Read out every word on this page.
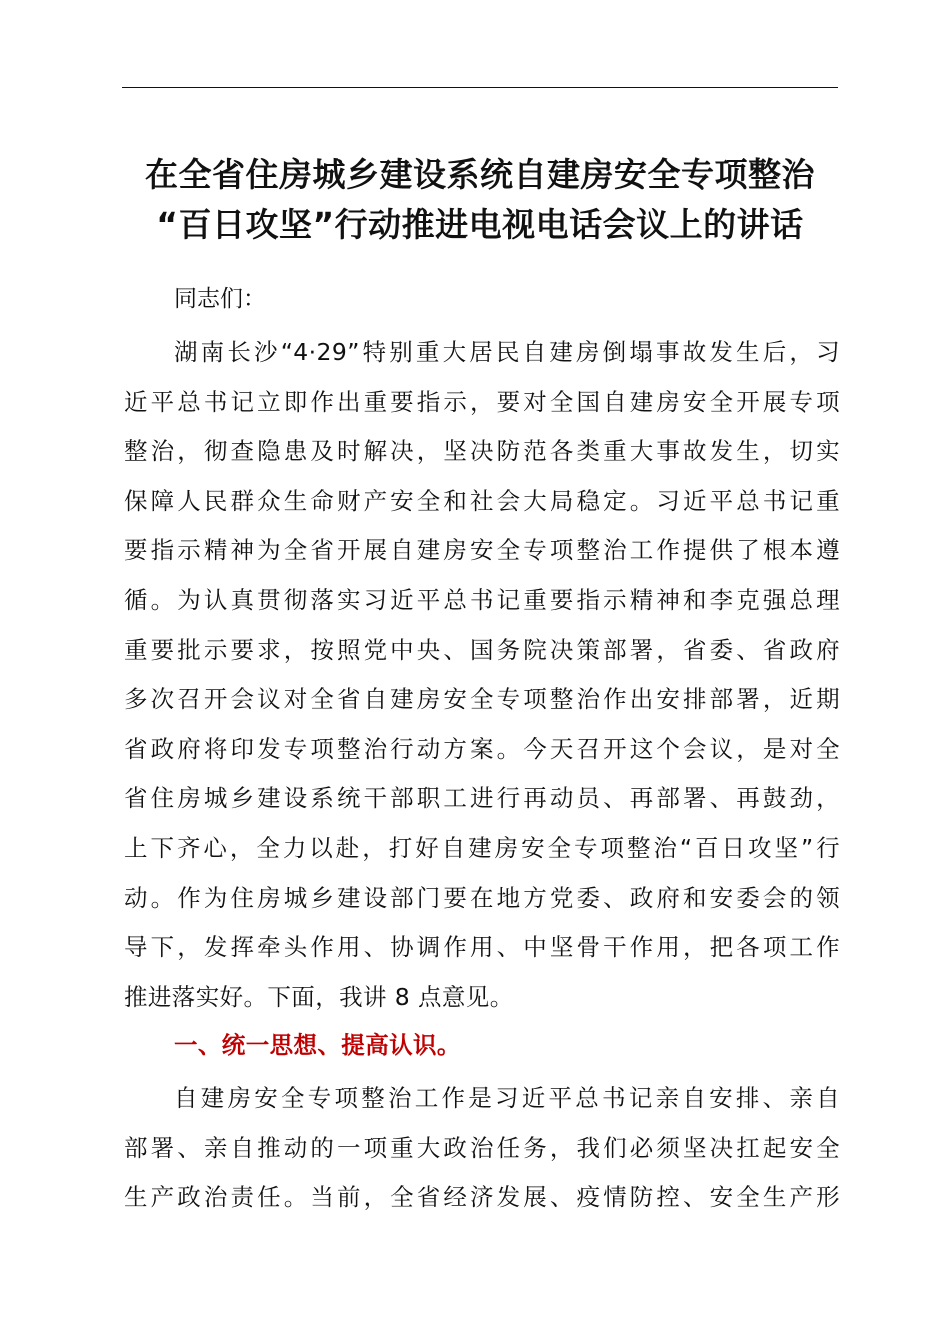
在全省住房城乡建设系统自建房安全专项整治
“百日攻坚”行动推进电视电话会议上的讲话

同志们：

湖南长沙“4·29”特别重大居民自建房倒塌事故发生后，习
近平总书记立即作出重要指示，要对全国自建房安全开展专项
整治，彻查隐患及时解决，坚决防范各类重大事故发生，切实
保障人民群众生命财产安全和社会大局稳定。习近平总书记重
要指示精神为全省开展自建房安全专项整治工作提供了根本遵
循。为认真贯彻落实习近平总书记重要指示精神和李克强总理
重要批示要求，按照党中央、国务院决策部署，省委、省政府
多次召开会议对全省自建房安全专项整治作出安排部署，近期
省政府将印发专项整治行动方案。今天召开这个会议，是对全
省住房城乡建设系统干部职工进行再动员、再部署、再鼓劲，
上下齐心，全力以赴，打好自建房安全专项整治“百日攻坚”行
动。作为住房城乡建设部门要在地方党委、政府和安委会的领
导下，发挥牵头作用、协调作用、中坚骨干作用，把各项工作
推进落实好。下面，我讲 8 点意见。

一、统一思想、提高认识。

自建房安全专项整治工作是习近平总书记亲自安排、亲自
部署、亲自推动的一项重大政治任务，我们必须坚决扛起安全
生产政治责任。当前，全省经济发展、疫情防控、安全生产形
